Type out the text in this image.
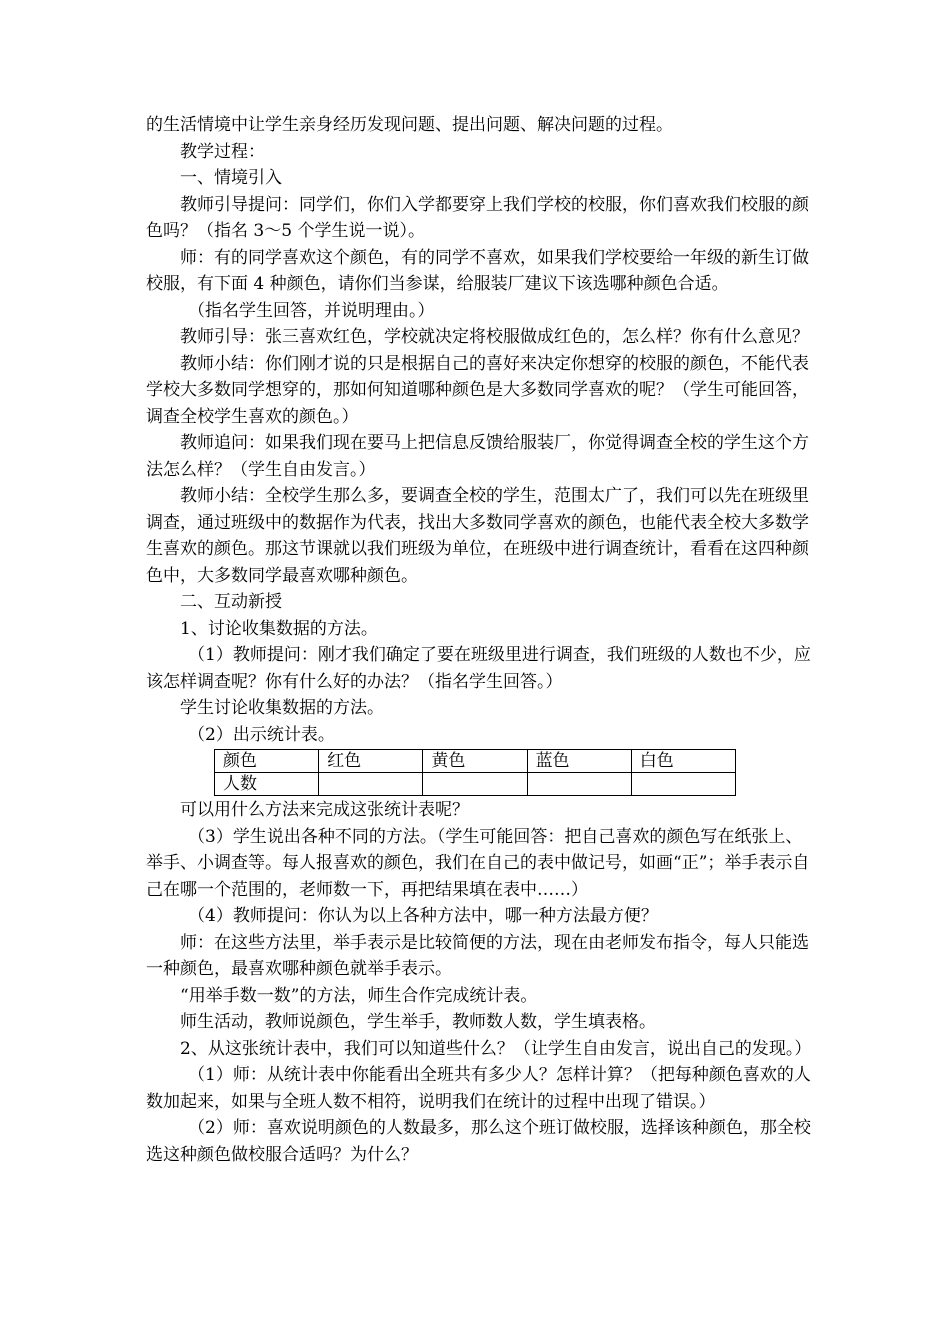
的生活情境中让学生亲身经历发现问题、提出问题、解决问题的过程。

教学过程：

一、情境引入

教师引导提问：同学们，你们入学都要穿上我们学校的校服，你们喜欢我们校服的颜色吗？（指名 3～5 个学生说一说）。

师：有的同学喜欢这个颜色，有的同学不喜欢，如果我们学校要给一年级的新生订做校服，有下面 4 种颜色，请你们当参谋，给服装厂建议下该选哪种颜色合适。

（指名学生回答，并说明理由。）

教师引导：张三喜欢红色，学校就决定将校服做成红色的，怎么样？你有什么意见？

教师小结：你们刚才说的只是根据自己的喜好来决定你想穿的校服的颜色，不能代表学校大多数同学想穿的，那如何知道哪种颜色是大多数同学喜欢的呢？（学生可能回答，调查全校学生喜欢的颜色。）

教师追问：如果我们现在要马上把信息反馈给服装厂，你觉得调查全校的学生这个方法怎么样？（学生自由发言。）

教师小结：全校学生那么多，要调查全校的学生，范围太广了，我们可以先在班级里调查，通过班级中的数据作为代表，找出大多数同学喜欢的颜色，也能代表全校大多数学生喜欢的颜色。那这节课就以我们班级为单位，在班级中进行调查统计，看看在这四种颜色中，大多数同学最喜欢哪种颜色。

二、互动新授

1、讨论收集数据的方法。

（1）教师提问：刚才我们确定了要在班级里进行调查，我们班级的人数也不少，应该怎样调查呢？你有什么好的办法？（指名学生回答。）

学生讨论收集数据的方法。

（2）出示统计表。

颜色	红色	黄色	蓝色	白色
人数				

可以用什么方法来完成这张统计表呢？

（3）学生说出各种不同的方法。（学生可能回答：把自己喜欢的颜色写在纸张上、举手、小调查等。每人报喜欢的颜色，我们在自己的表中做记号，如画“正”；举手表示自己在哪一个范围的，老师数一下，再把结果填在表中……）

（4）教师提问：你认为以上各种方法中，哪一种方法最方便？

师：在这些方法里，举手表示是比较简便的方法，现在由老师发布指令，每人只能选一种颜色，最喜欢哪种颜色就举手表示。

“用举手数一数”的方法，师生合作完成统计表。

师生活动，教师说颜色，学生举手，教师数人数，学生填表格。

2、从这张统计表中，我们可以知道些什么？（让学生自由发言，说出自己的发现。）

（1）师：从统计表中你能看出全班共有多少人？怎样计算？（把每种颜色喜欢的人数加起来，如果与全班人数不相符，说明我们在统计的过程中出现了错误。）

（2）师：喜欢说明颜色的人数最多，那么这个班订做校服，选择该种颜色，那全校选这种颜色做校服合适吗？为什么？
